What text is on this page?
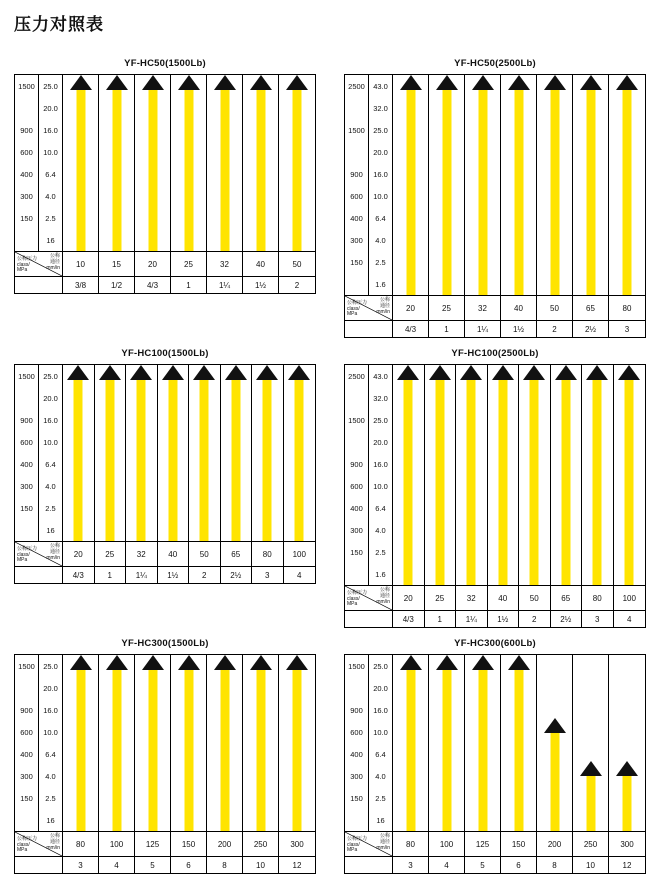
压力对照表
YF-HC50(1500Lb)
1500	25.0
20.0
900	16.0
600	10.0
400	6.4
300	4.0
150	2.5
16
公称压力
class/
MPa
公称
通径
mm/in	10	15	20	25	32	40	50
3/8	1/2	4/3	1	1¼	1½	2
YF-HC50(2500Lb)
2500	43.0
32.0
1500	25.0
20.0
900	16.0
600	10.0
400	6.4
300	4.0
150	2.5
1.6
公称压力
class/
MPa
公称
通径
mm/in	20	25	32	40	50	65	80
4/3	1	1¼	1½	2	2½	3
YF-HC100(1500Lb)
1500	25.0
20.0
900	16.0
600	10.0
400	6.4
300	4.0
150	2.5
16
公称压力
class/
MPa
公称
通径
mm/in	20	25	32	40	50	65	80	100
4/3	1	1¼	1½	2	2½	3	4
YF-HC100(2500Lb)
2500	43.0
32.0
1500	25.0
20.0
900	16.0
600	10.0
400	6.4
300	4.0
150	2.5
1.6
公称压力
class/
MPa
公称
通径
mm/in	20	25	32	40	50	65	80	100
4/3	1	1¼	1½	2	2½	3	4
YF-HC300(1500Lb)
1500	25.0
20.0
900	16.0
600	10.0
400	6.4
300	4.0
150	2.5
16
公称压力
class/
MPa
公称
通径
mm/in	80	100	125	150	200	250	300
3	4	5	6	8	10	12
YF-HC300(600Lb)
1500	25.0
20.0
900	16.0
600	10.0
400	6.4
300	4.0
150	2.5
16
公称压力
class/
MPa
公称
通径
mm/in	80	100	125	150	200	250	300
3	4	5	6	8	10	12
